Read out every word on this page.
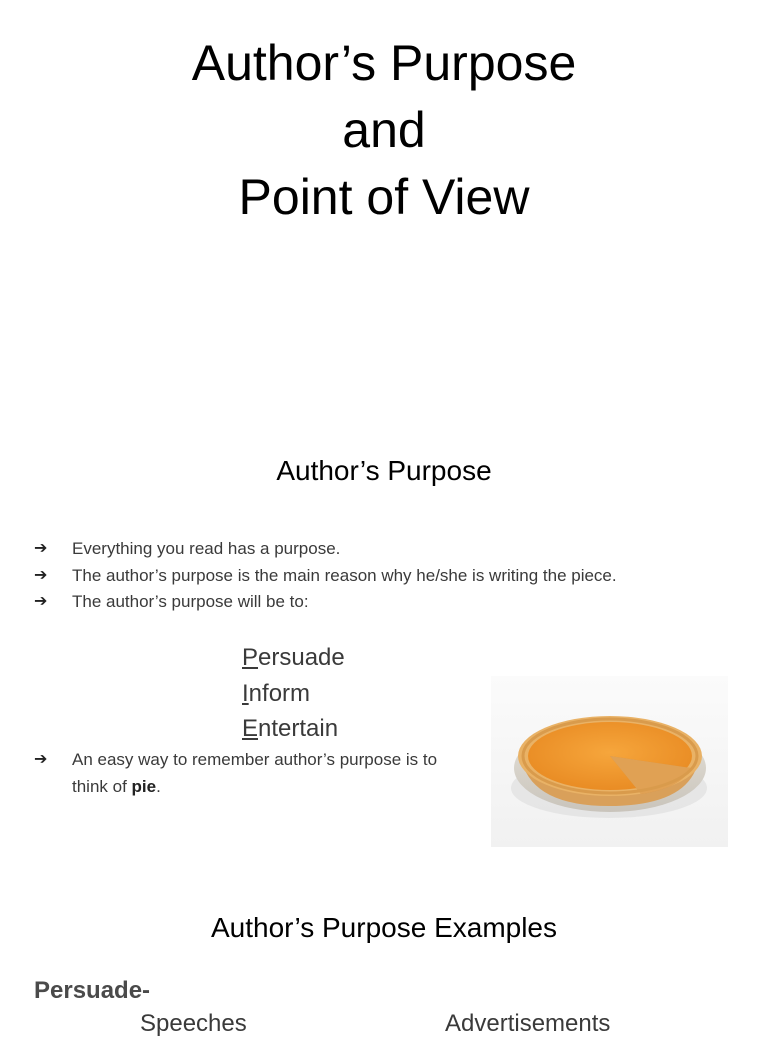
Author’s Purpose
and
Point of View
Author’s Purpose
➔	Everything you read has a purpose.
➔	The author’s purpose is the main reason why he/she is writing the piece.
➔	The author’s purpose will be to:
Persuade
Inform
Entertain
➔	An easy way to remember author’s purpose is to think of pie.
Author’s Purpose Examples
Persuade-
Speeches	Advertisements
